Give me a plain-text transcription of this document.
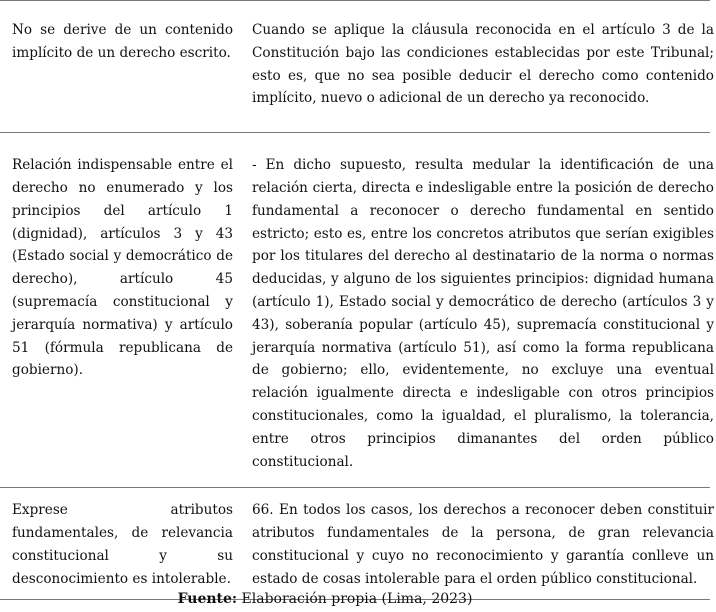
No se derive de un contenido implícito de un derecho escrito.
Cuando se aplique la cláusula reconocida en el artículo 3 de la Constitución bajo las condiciones establecidas por este Tribunal; esto es, que no sea posible deducir el derecho como contenido implícito, nuevo o adicional de un derecho ya reconocido.
Relación indispensable entre el derecho no enumerado y los principios del artículo 1 (dignidad), artículos 3 y 43 (Estado social y democrático de derecho), artículo 45 (supremacía constitucional y jerarquía normativa) y artículo 51 (fórmula republicana de gobierno).
- En dicho supuesto, resulta medular la identificación de una relación cierta, directa e indesligable entre la posición de derecho fundamental a reconocer o derecho fundamental en sentido estricto; esto es, entre los concretos atributos que serían exigibles por los titulares del derecho al destinatario de la norma o normas deducidas, y alguno de los siguientes principios: dignidad humana (artículo 1), Estado social y democrático de derecho (artículos 3 y 43), soberanía popular (artículo 45), supremacía constitucional y jerarquía normativa (artículo 51), así como la forma republicana de gobierno; ello, evidentemente, no excluye una eventual relación igualmente directa e indesligable con otros principios constitucionales, como la igualdad, el pluralismo, la tolerancia, entre otros principios dimanantes del orden público constitucional.
Exprese atributos fundamentales, de relevancia constitucional y su desconocimiento es intolerable.
66. En todos los casos, los derechos a reconocer deben constituir atributos fundamentales de la persona, de gran relevancia constitucional y cuyo no reconocimiento y garantía conlleve un estado de cosas intolerable para el orden público constitucional.
Fuente: Elaboración propia (Lima, 2023)
